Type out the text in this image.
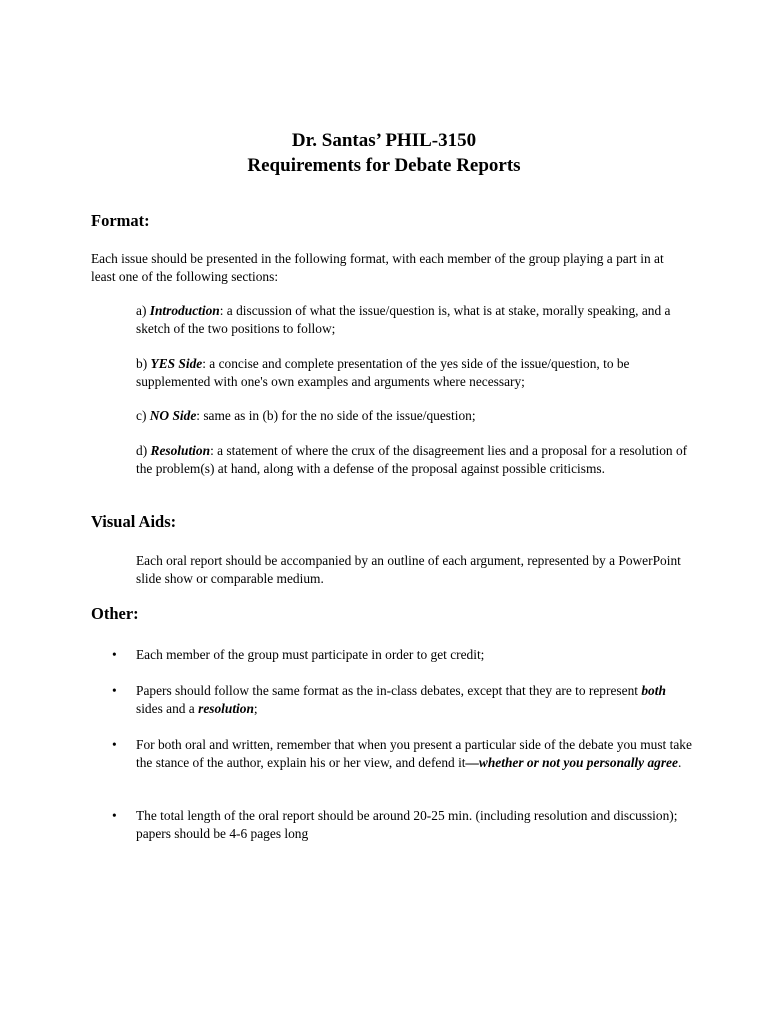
Dr. Santas’ PHIL-3150
Requirements for Debate Reports
Format:

Each issue should be presented in the following format, with each member of the group playing a part in at least one of the following sections:

a) Introduction: a discussion of what the issue/question is, what is at stake, morally speaking, and a sketch of the two positions to follow;

b) YES Side: a concise and complete presentation of the yes side of the issue/question, to be supplemented with one's own examples and arguments where necessary;

c) NO Side: same as in (b) for the no side of the issue/question;

d) Resolution: a statement of where the crux of the disagreement lies and a proposal for a resolution of the problem(s) at hand, along with a defense of the proposal against possible criticisms.

Visual Aids:

Each oral report should be accompanied by an outline of each argument, represented by a PowerPoint slide show or comparable medium.

Other:
• Each member of the group must participate in order to get credit;
• Papers should follow the same format as the in-class debates, except that they are to represent both sides and a resolution;
• For both oral and written, remember that when you present a particular side of the debate you must take the stance of the author, explain his or her view, and defend it—whether or not you personally agree.
• The total length of the oral report should be around 20-25 min. (including resolution and discussion); papers should be 4-6 pages long
